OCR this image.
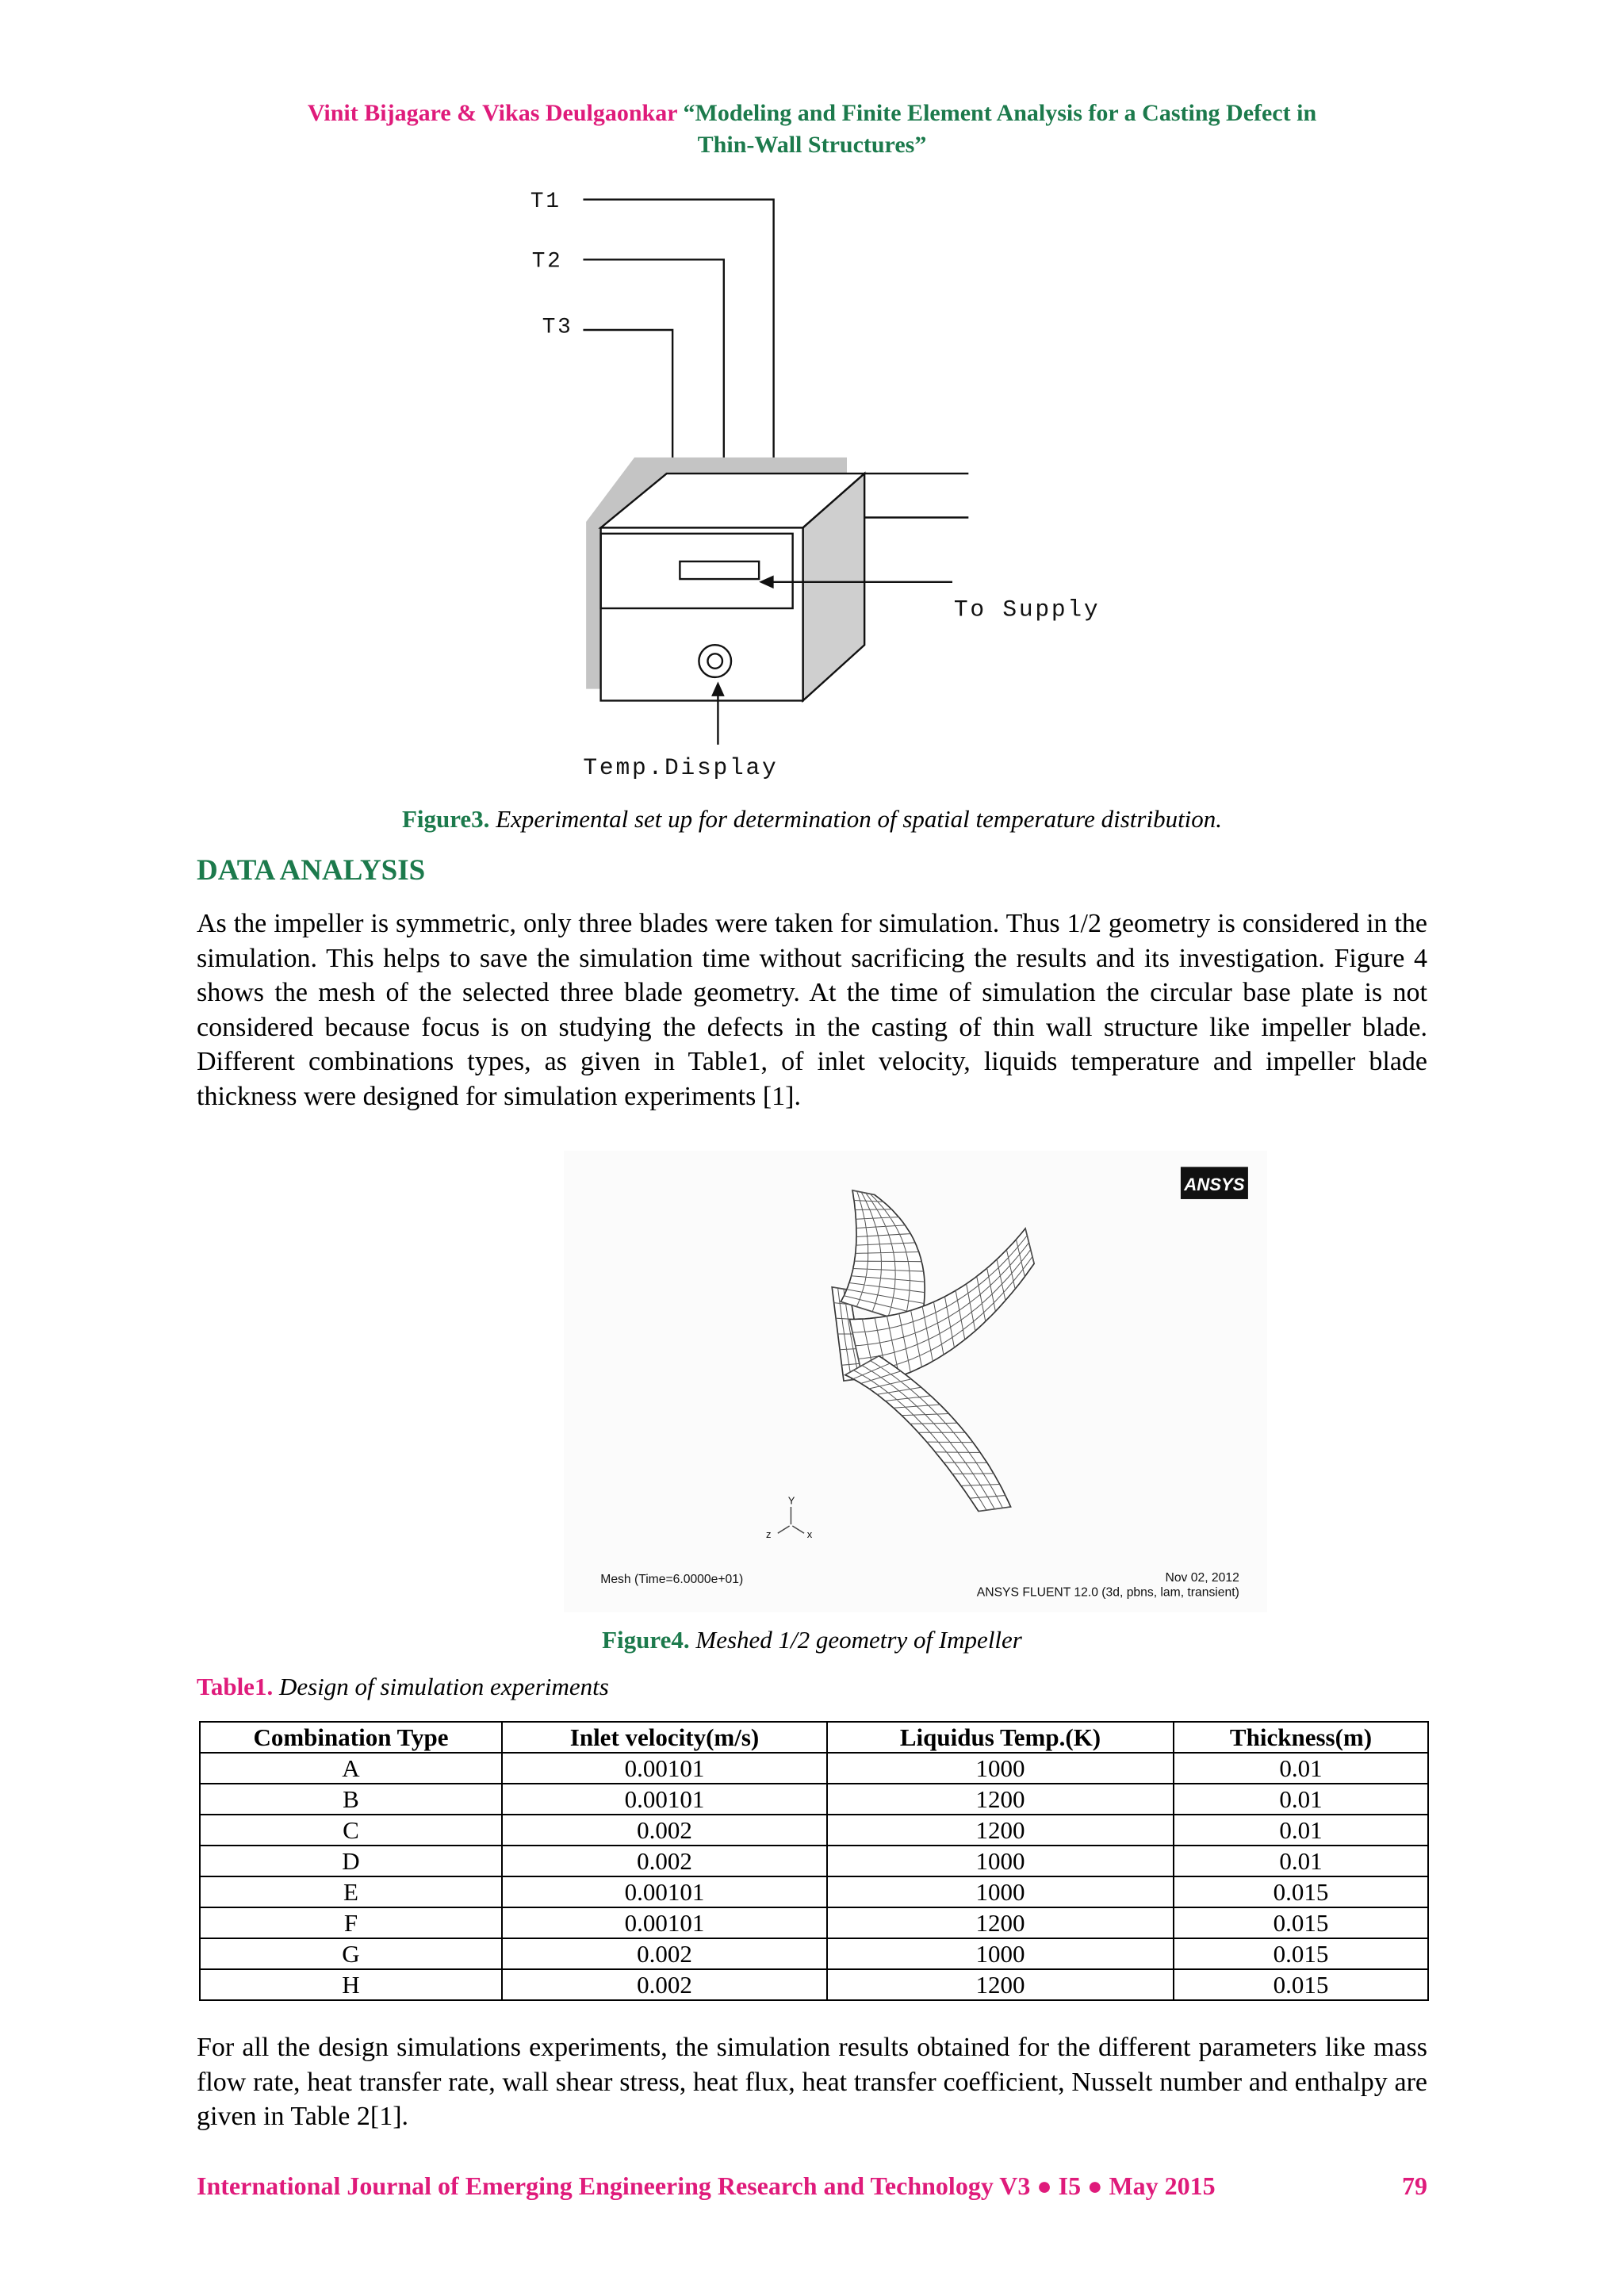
Vinit Bijagare & Vikas Deulgaonkar “Modeling and Finite Element Analysis for a Casting Defect in
Thin-Wall Structures”
T1
T2
T3
To Supply
Temp.Display
Figure3. Experimental set up for determination of spatial temperature distribution.
DATA ANALYSIS

As the impeller is symmetric, only three blades were taken for simulation. Thus 1/2 geometry is considered in the simulation. This helps to save the simulation time without sacrificing the results and its investigation. Figure 4 shows the mesh of the selected three blade geometry. At the time of simulation the circular base plate is not considered because focus is on studying the defects in the casting of thin wall structure like impeller blade. Different combinations types, as given in Table1, of inlet velocity, liquids temperature and impeller blade thickness were designed for simulation experiments [1].

ANSYS
Y
x
z
Mesh (Time=6.0000e+01)	Nov 02, 2012
ANSYS FLUENT 12.0 (3d, pbns, lam, transient)
Figure4. Meshed 1/2 geometry of Impeller
Table1. Design of simulation experiments
Combination Type	Inlet velocity(m/s)	Liquidus Temp.(K)	Thickness(m)
A	0.00101	1000	0.01
B	0.00101	1200	0.01
C	0.002	1200	0.01
D	0.002	1000	0.01
E	0.00101	1000	0.015
F	0.00101	1200	0.015
G	0.002	1000	0.015
H	0.002	1200	0.015

For all the design simulations experiments, the simulation results obtained for the different parameters like mass flow rate, heat transfer rate, wall shear stress, heat flux, heat transfer coefficient, Nusselt number and enthalpy are given in Table 2[1].

International Journal of Emerging Engineering Research and Technology V3 ● I5 ● May 2015	79
